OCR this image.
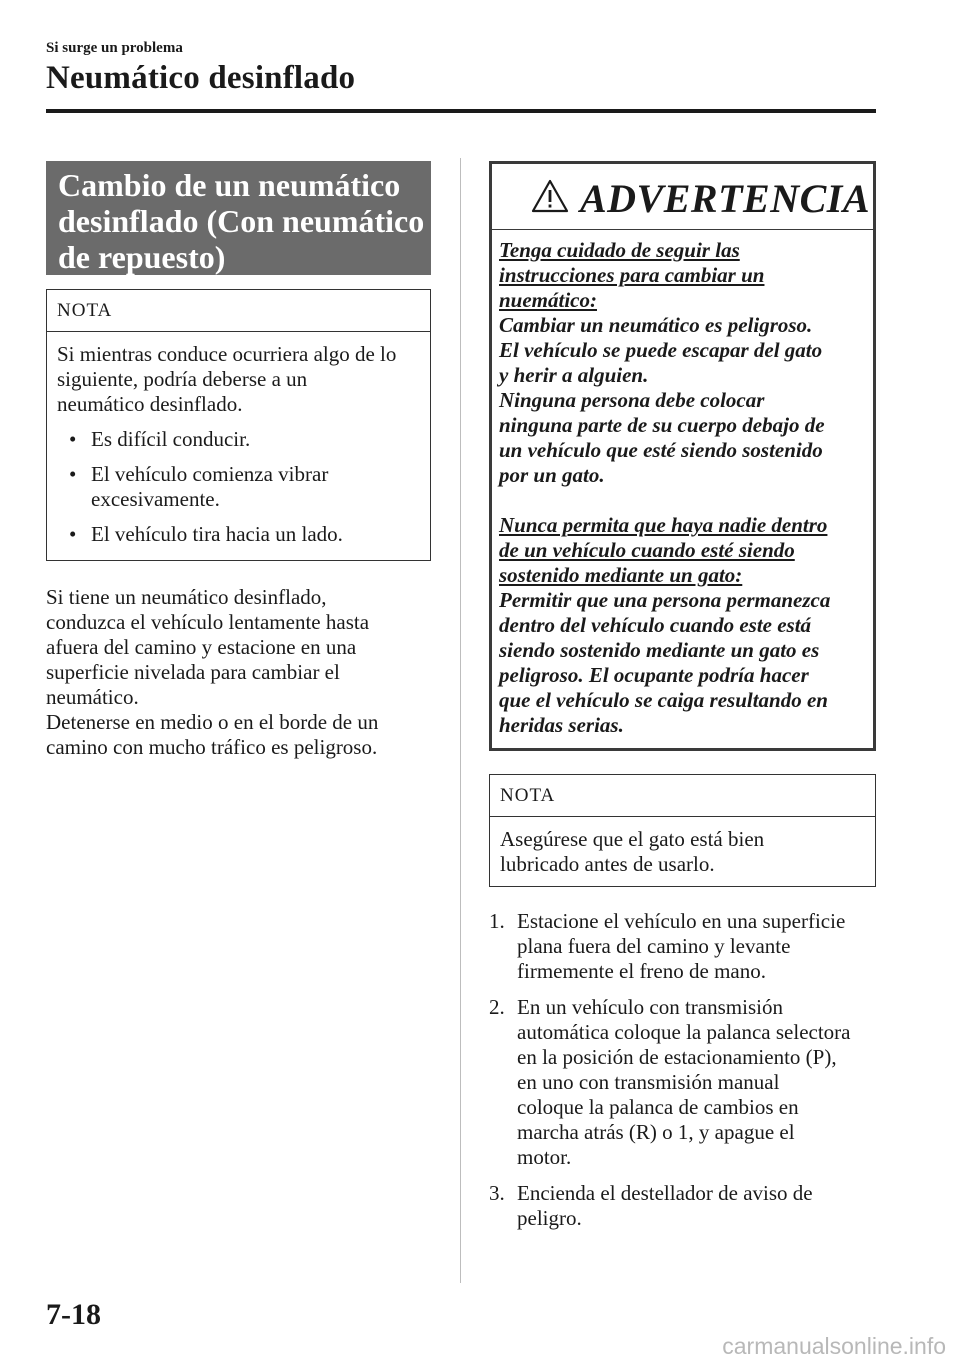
Si surge un problema
Neumático desinflado
Cambio de un neumático
desinflado (Con neumático
de repuesto)
NOTA
Si mientras conduce ocurriera algo de lo
siguiente, podría deberse a un
neumático desinflado.
• Es difícil conducir.
• El vehículo comienza vibrar
excesivamente.
• El vehículo tira hacia un lado.
Si tiene un neumático desinflado,
conduzca el vehículo lentamente hasta
afuera del camino y estacione en una
superficie nivelada para cambiar el
neumático.
Detenerse en medio o en el borde de un
camino con mucho tráfico es peligroso.
ADVERTENCIA
Tenga cuidado de seguir las
instrucciones para cambiar un
nuemático:
Cambiar un neumático es peligroso.
El vehículo se puede escapar del gato
y herir a alguien.
Ninguna persona debe colocar
ninguna parte de su cuerpo debajo de
un vehículo que esté siendo sostenido
por un gato.
Nunca permita que haya nadie dentro
de un vehículo cuando esté siendo
sostenido mediante un gato:
Permitir que una persona permanezca
dentro del vehículo cuando este está
siendo sostenido mediante un gato es
peligroso. El ocupante podría hacer
que el vehículo se caiga resultando en
heridas serias.
NOTA
Asegúrese que el gato está bien
lubricado antes de usarlo.
1. Estacione el vehículo en una superficie
plana fuera del camino y levante
firmemente el freno de mano.
2. En un vehículo con transmisión
automática coloque la palanca selectora
en la posición de estacionamiento (P),
en uno con transmisión manual
coloque la palanca de cambios en
marcha atrás (R) o 1, y apague el
motor.
3. Encienda el destellador de aviso de
peligro.
7-18
carmanualsonline.info
